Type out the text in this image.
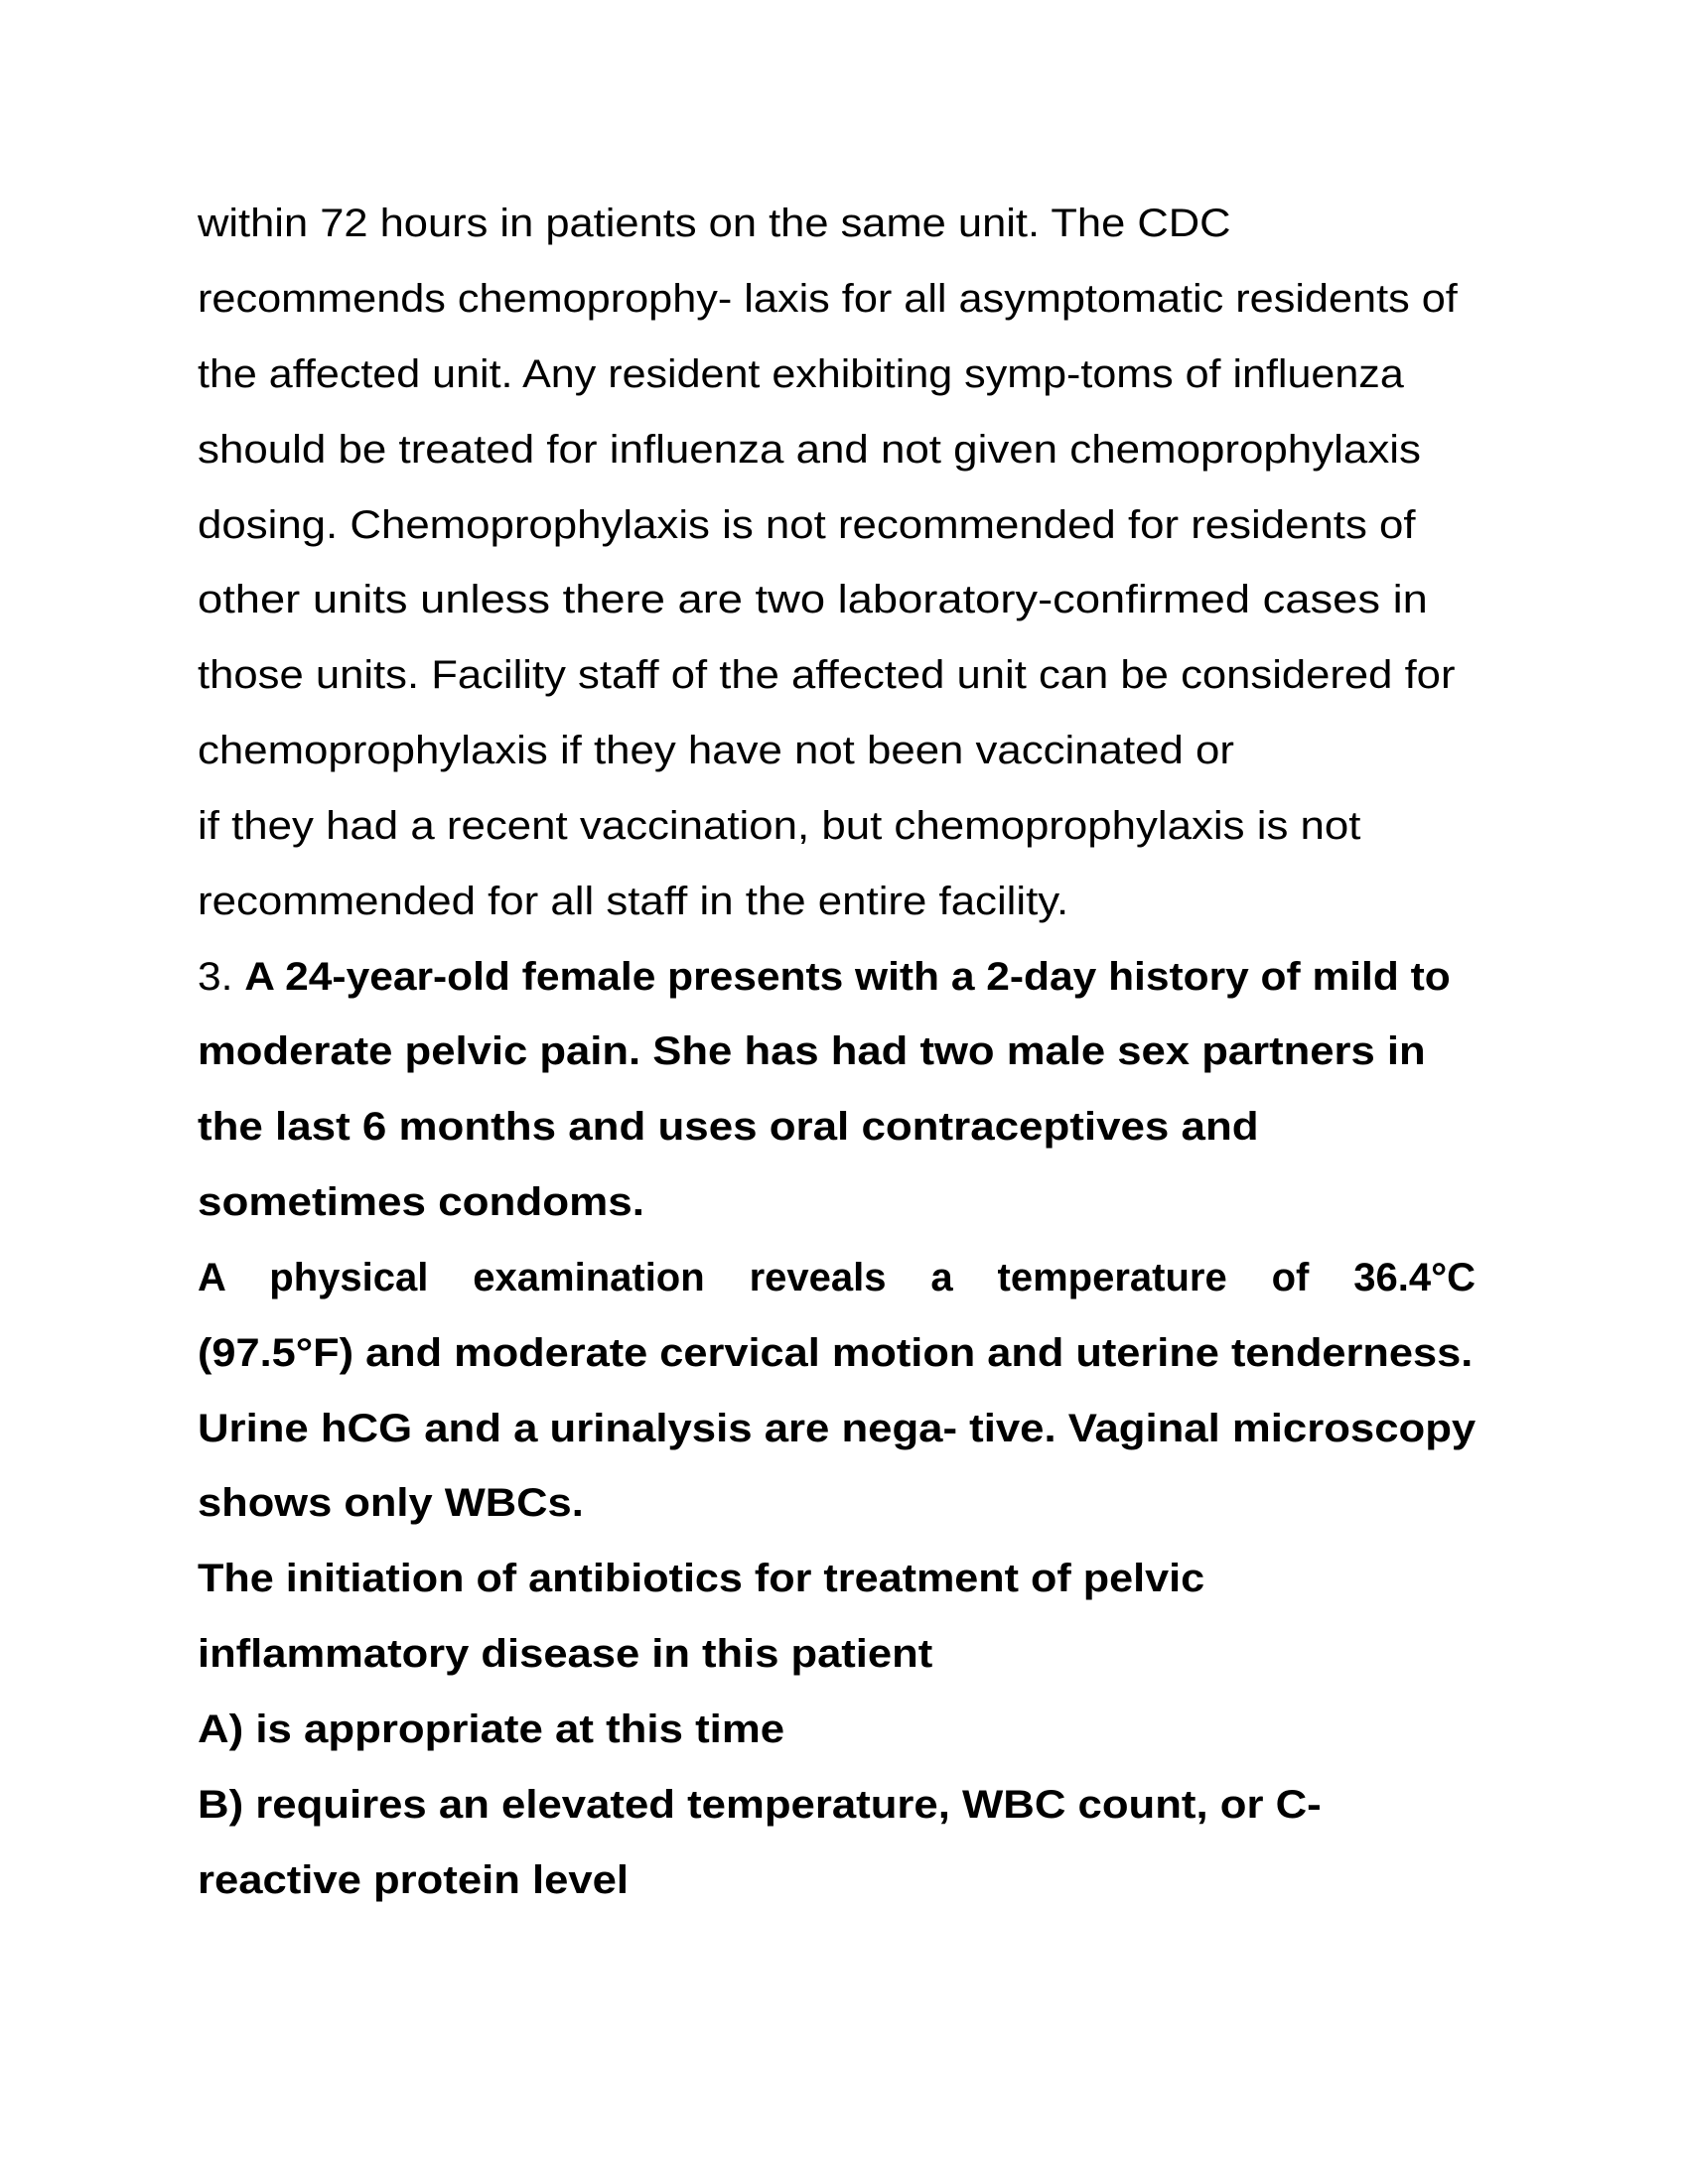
within 72 hours in patients on the same unit. The CDC
recommends chemoprophy- laxis for all asymptomatic residents of
the affected unit. Any resident exhibiting symp-toms of influenza
should be treated for influenza and not given chemoprophylaxis
dosing. Chemoprophylaxis is not recommended for residents of
other units unless there are two laboratory-confirmed cases in
those units. Facility staff of the affected unit can be considered for
chemoprophylaxis if they have not been vaccinated or
if they had a recent vaccination, but chemoprophylaxis is not
recommended for all staff in the entire facility.
3. A 24-year-old female presents with a 2-day history of mild to
moderate pelvic pain. She has had two male sex partners in
the last 6 months and uses oral contraceptives and
sometimes condoms.
A physical examination reveals a temperature of 36.4°C
(97.5°F) and moderate cervical motion and uterine tenderness.
Urine hCG and a urinalysis are nega- tive. Vaginal microscopy
shows only WBCs.
The initiation of antibiotics for treatment of pelvic
inflammatory disease in this patient
A) is appropriate at this time
B) requires an elevated temperature, WBC count, or C-
reactive protein level
